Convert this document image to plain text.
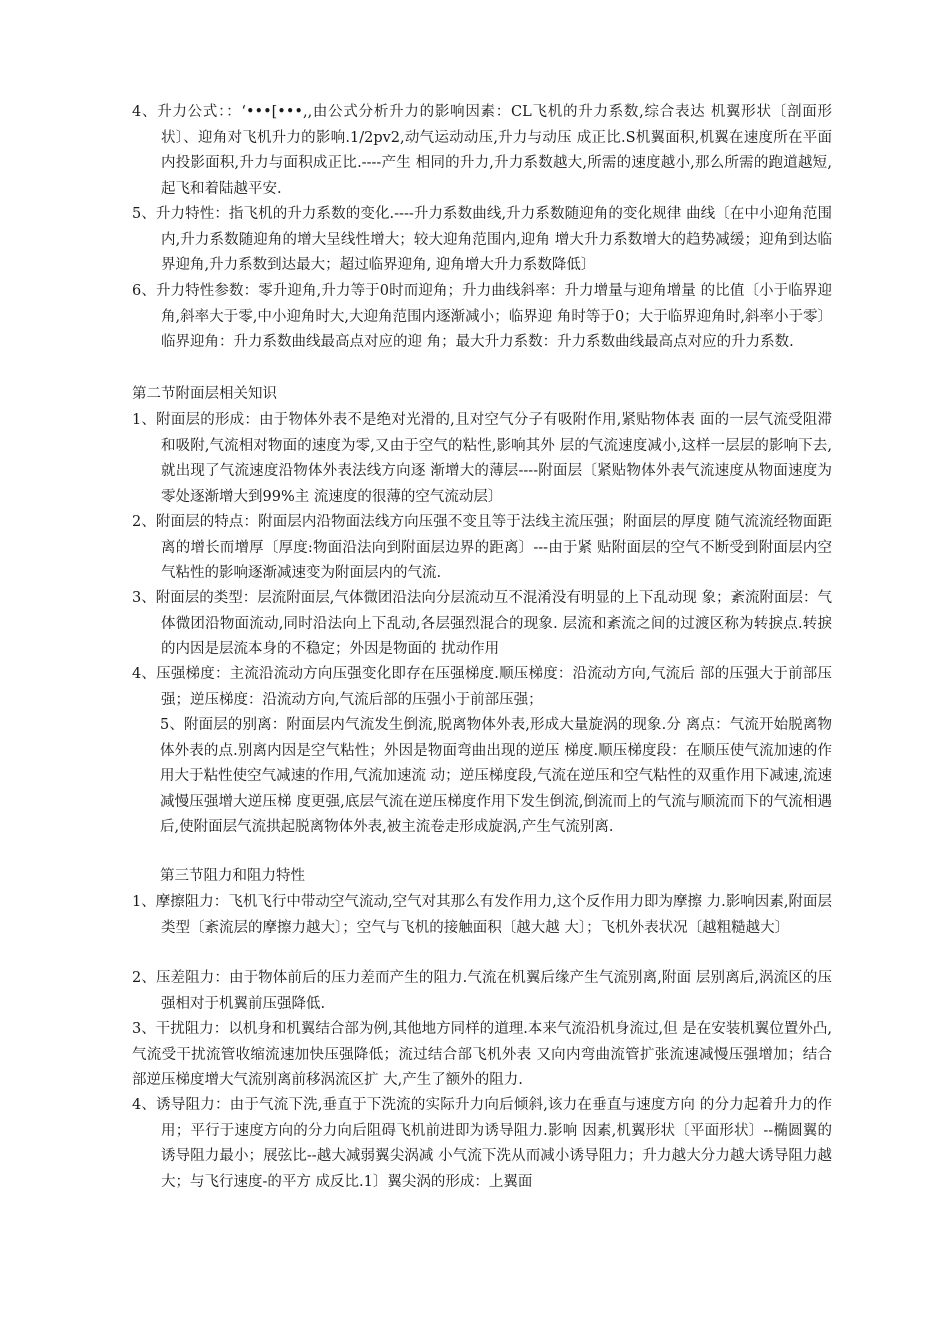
4、升力公式：：‘•••[•••,,由公式分析升力的影响因素：CL飞机的升力系数,综合表达 机翼形状〔剖面形状〕、迎角对飞机升力的影响.1/2pv2,动气运动动压,升力与动压 成正比.S机翼面积,机翼在速度所在平面内投影面积,升力与面积成正比.----产生 相同的升力,升力系数越大,所需的速度越小,那么所需的跑道越短,起飞和着陆越平安.
5、升力特性：指飞机的升力系数的变化.----升力系数曲线,升力系数随迎角的变化规律 曲线〔在中小迎角范围内,升力系数随迎角的增大呈线性增大；较大迎角范围内,迎角 增大升力系数增大的趋势减缓；迎角到达临界迎角,升力系数到达最大；超过临界迎角, 迎角增大升力系数降低〕
6、升力特性参数：零升迎角,升力等于0时而迎角；升力曲线斜率：升力增量与迎角增量 的比值〔小于临界迎角,斜率大于零,中小迎角时大,大迎角范围内逐渐减小；临界迎 角时等于0；大于临界迎角时,斜率小于零〕临界迎角：升力系数曲线最高点对应的迎 角；最大升力系数：升力系数曲线最高点对应的升力系数.
第二节附面层相关知识
1、附面层的形成：由于物体外表不是绝对光滑的,且对空气分子有吸附作用,紧贴物体表 面的一层气流受阻滞和吸附,气流相对物面的速度为零,又由于空气的粘性,影响其外 层的气流速度减小,这样一层层的影响下去,就出现了气流速度沿物体外表法线方向逐 渐增大的薄层----附面层〔紧贴物体外表气流速度从物面速度为零处逐渐增大到99%主 流速度的很薄的空气流动层〕
2、附面层的特点：附面层内沿物面法线方向压强不变且等于法线主流压强；附面层的厚度 随气流流经物面距离的增长而增厚〔厚度:物面沿法向到附面层边界的距离〕---由于紧 贴附面层的空气不断受到附面层内空气粘性的影响逐渐减速变为附面层内的气流.
3、附面层的类型：层流附面层,气体微团沿法向分层流动互不混淆没有明显的上下乱动现 象；紊流附面层：气体微团沿物面流动,同时沿法向上下乱动,各层强烈混合的现象. 层流和紊流之间的过渡区称为转捩点.转捩的内因是层流本身的不稳定；外因是物面的 扰动作用
4、压强梯度：主流沿流动方向压强变化即存在压强梯度.顺压梯度：沿流动方向,气流后 部的压强大于前部压强；逆压梯度：沿流动方向,气流后部的压强小于前部压强；
5、附面层的别离：附面层内气流发生倒流,脱离物体外表,形成大量旋涡的现象.分 离点：气流开始脱离物体外表的点.别离内因是空气粘性；外因是物面弯曲出现的逆压 梯度.顺压梯度段：在顺压使气流加速的作用大于粘性使空气减速的作用,气流加速流 动；逆压梯度段,气流在逆压和空气粘性的双重作用下减速,流速减慢压强增大逆压梯 度更强,底层气流在逆压梯度作用下发生倒流,倒流而上的气流与顺流而下的气流相遇 后,使附面层气流拱起脱离物体外表,被主流卷走形成旋涡,产生气流别离.
第三节阻力和阻力特性
1、摩擦阻力：飞机飞行中带动空气流动,空气对其那么有发作用力,这个反作用力即为摩擦 力.影响因素,附面层类型〔紊流层的摩擦力越大〕；空气与飞机的接触面积〔越大越 大〕；飞机外表状况〔越粗糙越大〕
2、压差阻力：由于物体前后的压力差而产生的阻力.气流在机翼后缘产生气流别离,附面 层别离后,涡流区的压强相对于机翼前压强降低.
3、干扰阻力：以机身和机翼结合部为例,其他地方同样的道理.本来气流沿机身流过,但 是在安装机翼位置外凸,气流受干扰流管收缩流速加快压强降低；流过结合部飞机外表 又向内弯曲流管扩张流速减慢压强增加；结合部逆压梯度增大气流别离前移涡流区扩 大,产生了额外的阻力.
4、诱导阻力：由于气流下洗,垂直于下洗流的实际升力向后倾斜,该力在垂直与速度方向 的分力起着升力的作用；平行于速度方向的分力向后阻碍飞机前进即为诱导阻力.影响 因素,机翼形状〔平面形状〕--椭圆翼的诱导阻力最小；展弦比--越大减弱翼尖涡减 小气流下洗从而减小诱导阻力；升力越大分力越大诱导阻力越大；与飞行速度-的平方 成反比.1〕翼尖涡的形成：上翼面
